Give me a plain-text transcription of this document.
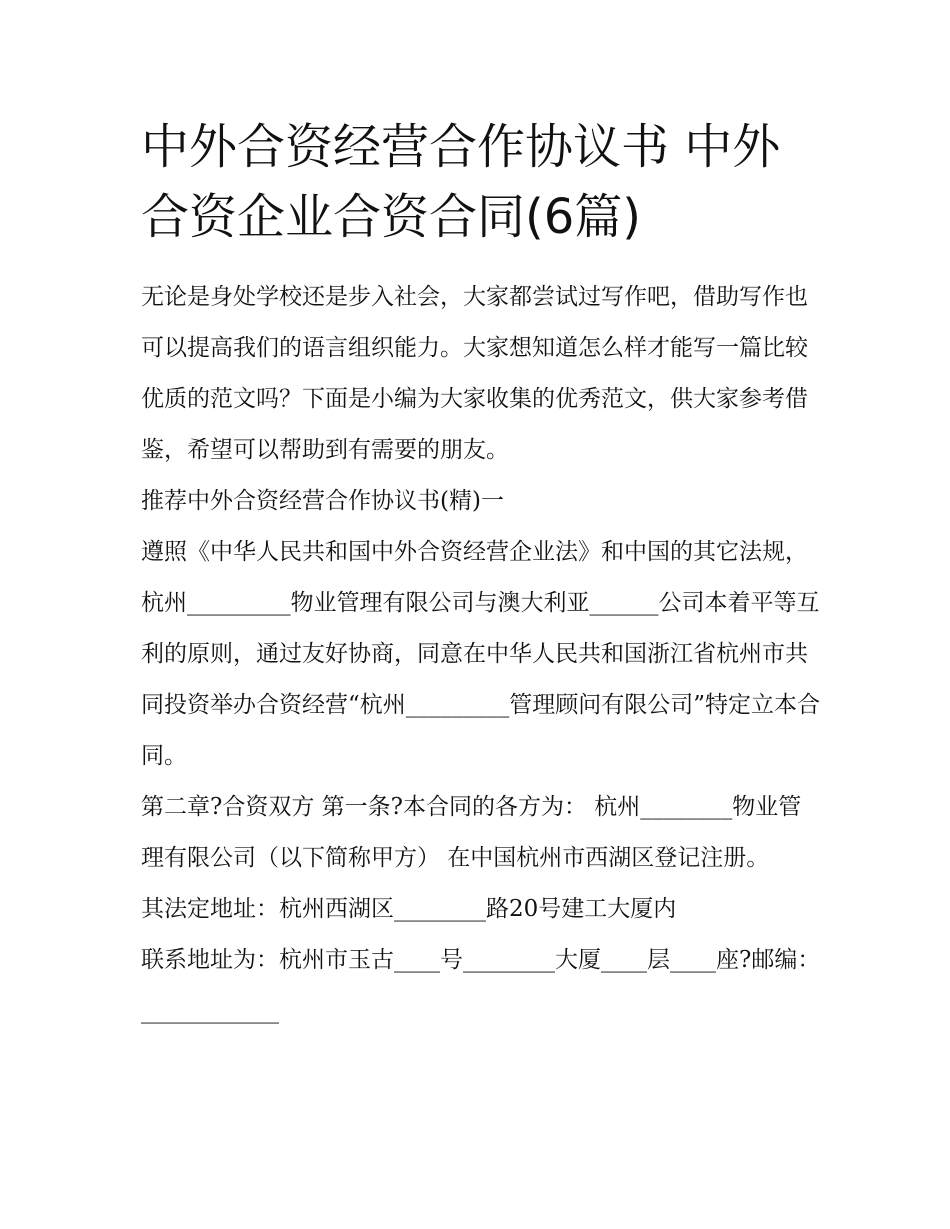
中外合资经营合作协议书 中外合资企业合资合同(6篇)

无论是身处学校还是步入社会，大家都尝试过写作吧，借助写作也可以提高我们的语言组织能力。大家想知道怎么样才能写一篇比较优质的范文吗？下面是小编为大家收集的优秀范文，供大家参考借鉴，希望可以帮助到有需要的朋友。

推荐中外合资经营合作协议书(精)一

遵照《中华人民共和国中外合资经营企业法》和中国的其它法规，杭州_________物业管理有限公司与澳大利亚______公司本着平等互利的原则，通过友好协商，同意在中华人民共和国浙江省杭州市共同投资举办合资经营“杭州_________管理顾问有限公司”特定立本合同。

第二章?合资双方 第一条?本合同的各方为： 杭州________物业管理有限公司（以下简称甲方） 在中国杭州市西湖区登记注册。

其法定地址：杭州西湖区________路20号建工大厦内

联系地址为：杭州市玉古____号________大厦____层____座?邮编：____________
